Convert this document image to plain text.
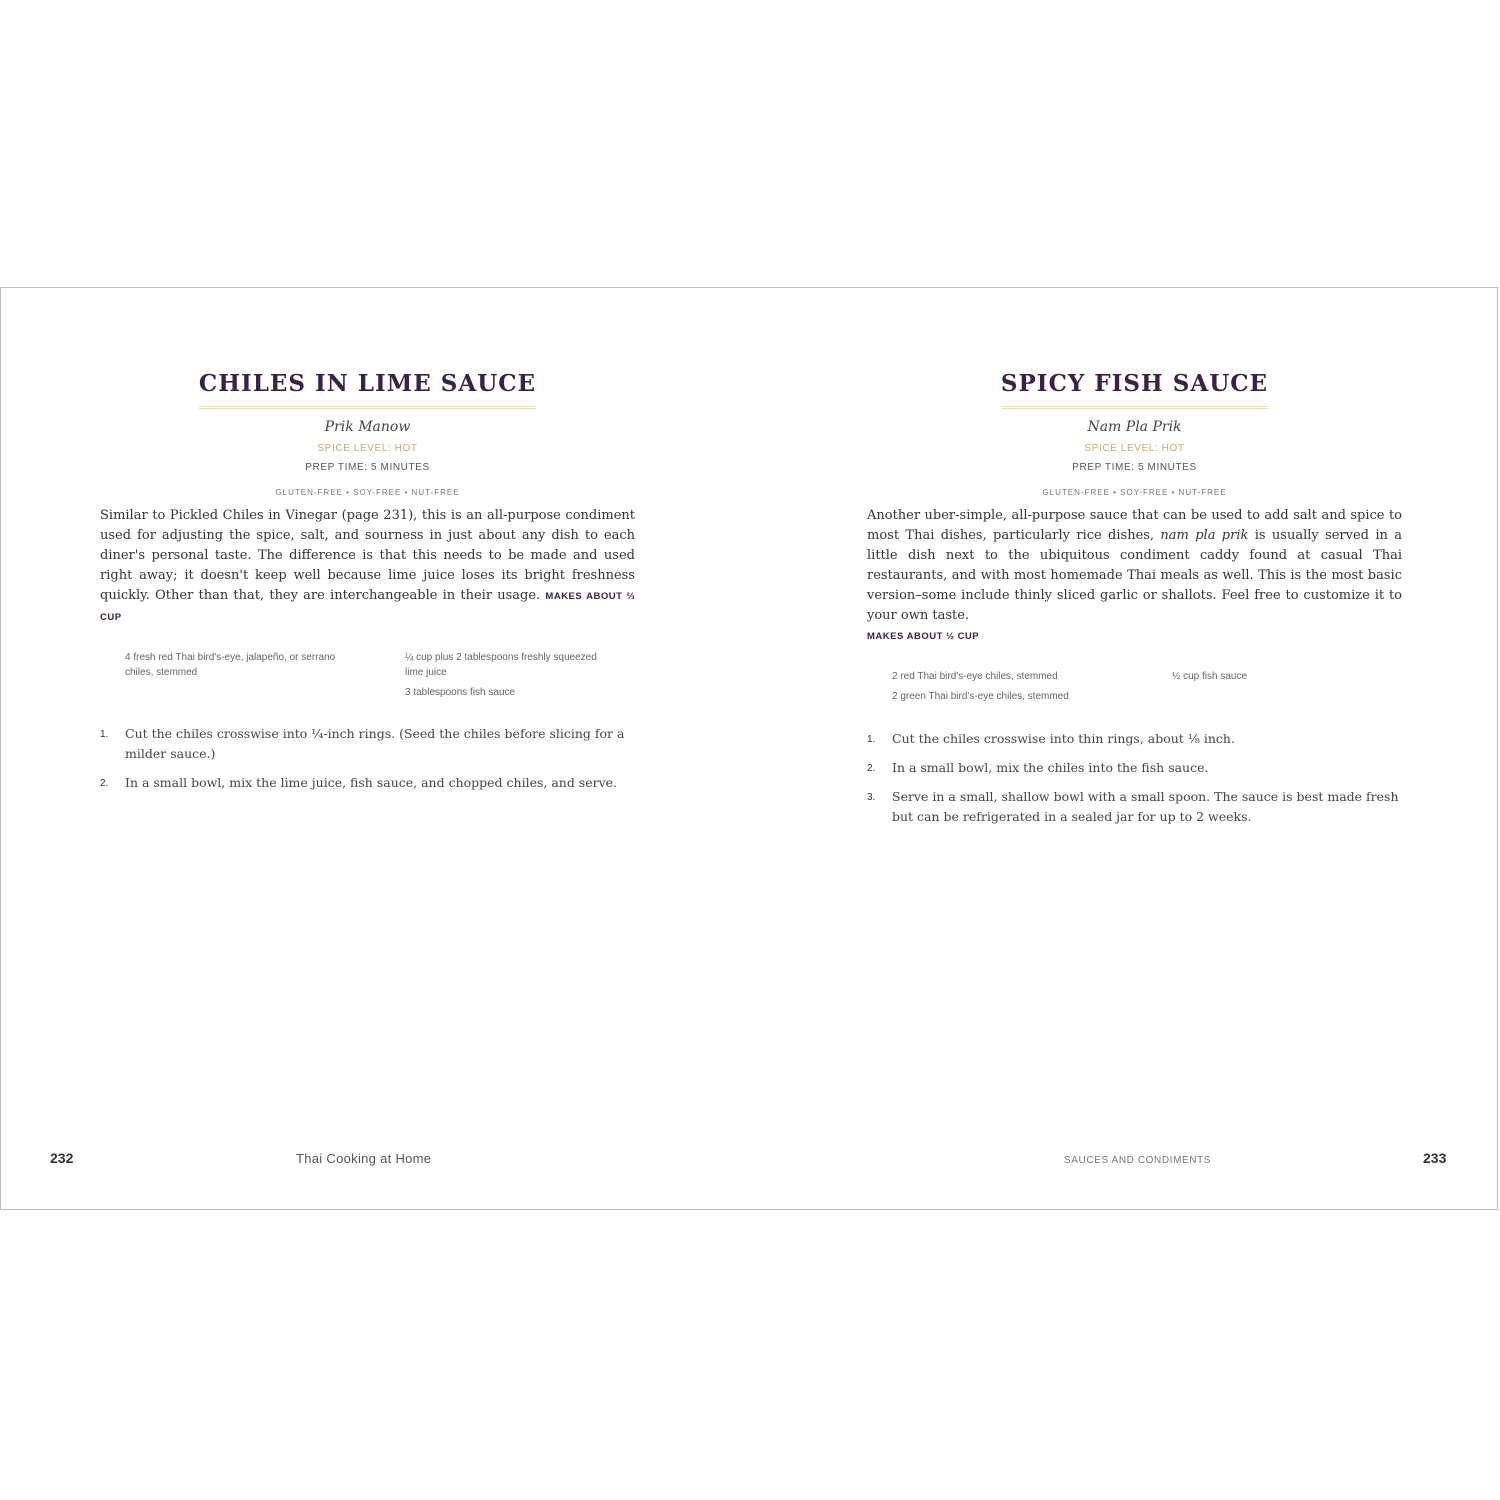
CHILES IN LIME SAUCE
Prik Manow
SPICE LEVEL: HOT
PREP TIME: 5 MINUTES
GLUTEN-FREE • SOY-FREE • NUT-FREE
Similar to Pickled Chiles in Vinegar (page 231), this is an all-purpose condiment used for adjusting the spice, salt, and sourness in just about any dish to each diner's personal taste. The difference is that this needs to be made and used right away; it doesn't keep well because lime juice loses its bright freshness quickly. Other than that, they are interchangeable in their usage. MAKES ABOUT ⅔ CUP
4 fresh red Thai bird's-eye, jalapeño, or serrano chiles, stemmed
¼ cup plus 2 tablespoons freshly squeezed lime juice
3 tablespoons fish sauce
1. Cut the chiles crosswise into ¼-inch rings. (Seed the chiles before slicing for a milder sauce.)
2. In a small bowl, mix the lime juice, fish sauce, and chopped chiles, and serve.
232	Thai Cooking at Home
SPICY FISH SAUCE
Nam Pla Prik
SPICE LEVEL: HOT
PREP TIME: 5 MINUTES
GLUTEN-FREE • SOY-FREE • NUT-FREE
Another uber-simple, all-purpose sauce that can be used to add salt and spice to most Thai dishes, particularly rice dishes, nam pla prik is usually served in a little dish next to the ubiquitous condiment caddy found at casual Thai restaurants, and with most homemade Thai meals as well. This is the most basic version–some include thinly sliced garlic or shallots. Feel free to customize it to your own taste.
MAKES ABOUT ½ CUP
2 red Thai bird's-eye chiles, stemmed
2 green Thai bird's-eye chiles, stemmed
½ cup fish sauce
1. Cut the chiles crosswise into thin rings, about ⅛ inch.
2. In a small bowl, mix the chiles into the fish sauce.
3. Serve in a small, shallow bowl with a small spoon. The sauce is best made fresh but can be refrigerated in a sealed jar for up to 2 weeks.
SAUCES AND CONDIMENTS	233
